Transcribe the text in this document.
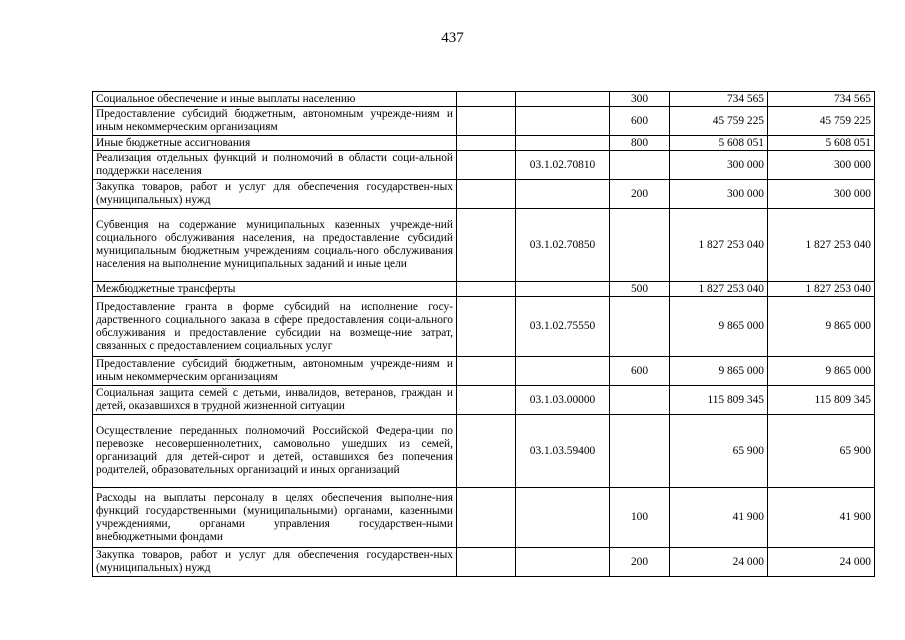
437
Социальное обеспечение и иные выплаты населению			300	734 565	734 565
Предоставление субсидий бюджетным, автономным учрежде-ниям и иным некоммерческим организациям			600	45 759 225	45 759 225
Иные бюджетные ассигнования			800	5 608 051	5 608 051
Реализация отдельных функций и полномочий в области соци-альной поддержки населения		03.1.02.70810		300 000	300 000
Закупка товаров, работ и услуг для обеспечения государствен-ных (муниципальных) нужд			200	300 000	300 000
Субвенция на содержание муниципальных казенных учрежде-ний социального обслуживания населения, на предоставление субсидий муниципальным бюджетным учреждениям социаль-ного обслуживания населения на выполнение муниципальных заданий и иные цели		03.1.02.70850		1 827 253 040	1 827 253 040
Межбюджетные трансферты			500	1 827 253 040	1 827 253 040
Предоставление гранта в форме субсидий на исполнение госу-дарственного социального заказа в сфере предоставления соци-ального обслуживания и предоставление субсидии на возмеще-ние затрат, связанных с предоставлением социальных услуг		03.1.02.75550		9 865 000	9 865 000
Предоставление субсидий бюджетным, автономным учрежде-ниям и иным некоммерческим организациям			600	9 865 000	9 865 000
Социальная защита семей с детьми, инвалидов, ветеранов, граждан и детей, оказавшихся в трудной жизненной ситуации		03.1.03.00000		115 809 345	115 809 345
Осуществление переданных полномочий Российской Федера-ции по перевозке несовершеннолетних, самовольно ушедших из семей, организаций для детей-сирот и детей, оставшихся без попечения родителей, образовательных организаций и иных организаций		03.1.03.59400		65 900	65 900
Расходы на выплаты персоналу в целях обеспечения выполне-ния функций государственными (муниципальными) органами, казенными учреждениями, органами управления государствен-ными внебюджетными фондами			100	41 900	41 900
Закупка товаров, работ и услуг для обеспечения государствен-ных (муниципальных) нужд			200	24 000	24 000
